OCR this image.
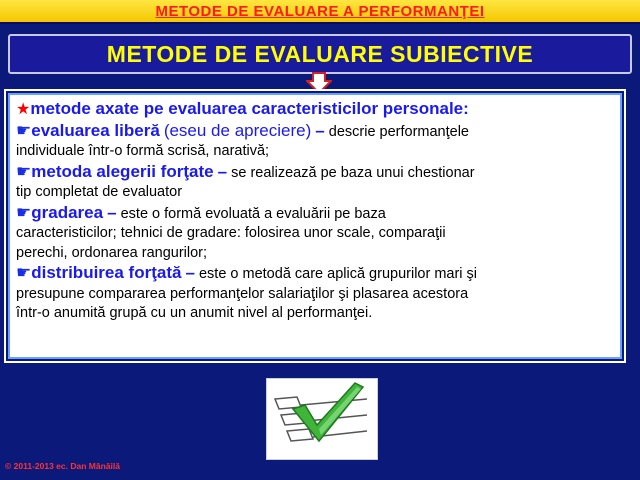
METODE DE EVALUARE A PERFORMANŢEI
METODE DE EVALUARE SUBIECTIVE
★metode axate pe evaluarea caracteristicilor personale:
☛evaluarea liberă (eseu de apreciere) – descrie performanţele
individuale într-o formă scrisă, narativă;
☛metoda alegerii forţate – se realizează pe baza unui chestionar
tip completat de evaluator
☛gradarea – este o formă evoluată a evaluării pe baza
caracteristicilor; tehnici de gradare: folosirea unor scale, comparaţii
perechi, ordonarea rangurilor;
☛distribuirea forţată – este o metodă care aplică grupurilor mari şi
presupune compararea performanţelor salariaţilor şi plasarea acestora
într-o anumită grupă cu un anumit nivel al performanţei.
© 2011-2013 ec. Dan Mânăilă
